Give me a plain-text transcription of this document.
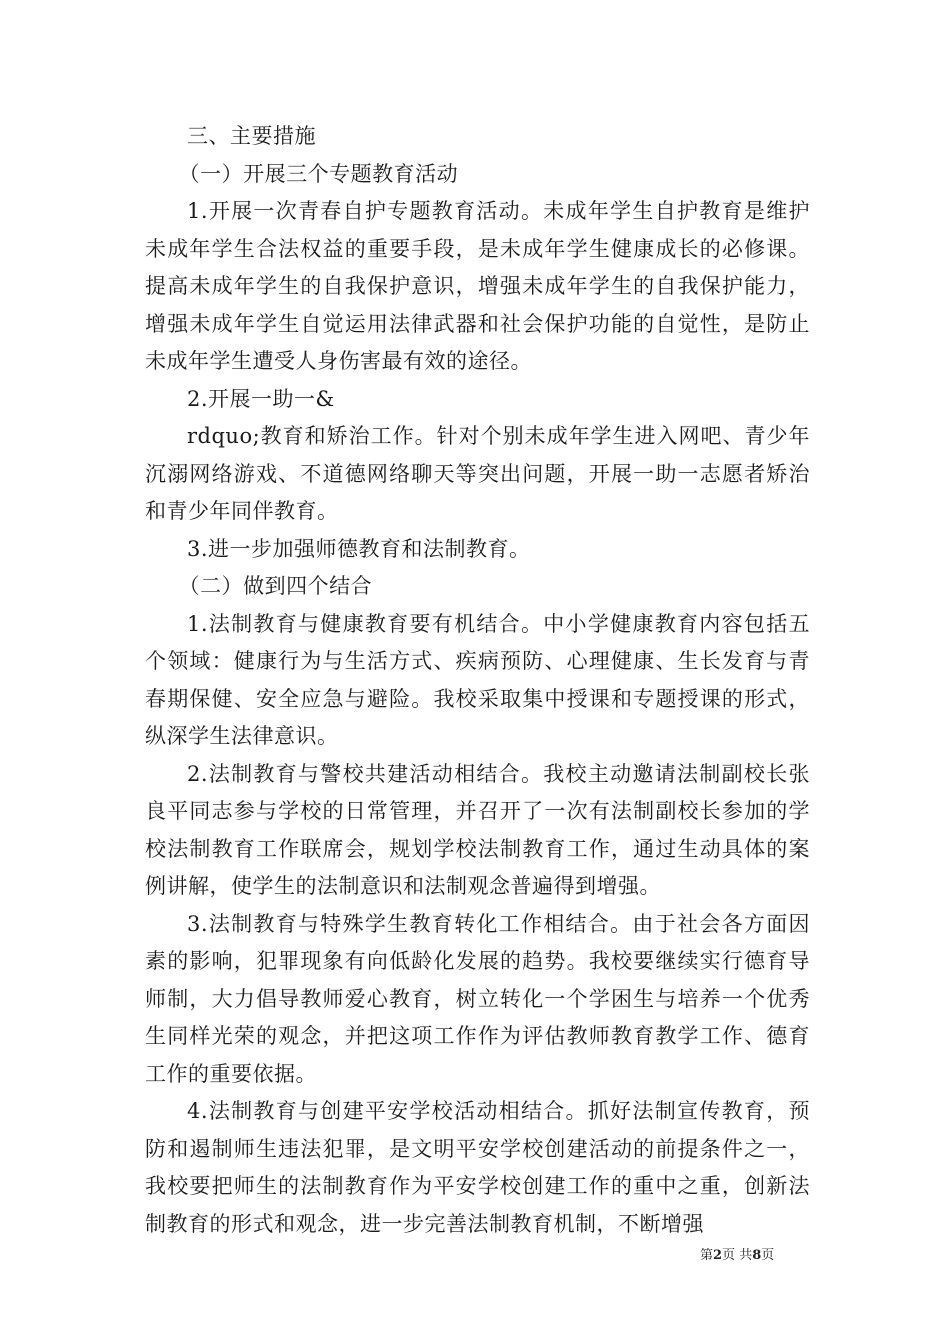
三、主要措施

（一）开展三个专题教育活动

1.开展一次青春自护专题教育活动。未成年学生自护教育是维护未成年学生合法权益的重要手段，是未成年学生健康成长的必修课。提高未成年学生的自我保护意识，增强未成年学生的自我保护能力，增强未成年学生自觉运用法律武器和社会保护功能的自觉性，是防止未成年学生遭受人身伤害最有效的途径。

2.开展一助一&

rdquo;教育和矫治工作。针对个别未成年学生进入网吧、青少年沉溺网络游戏、不道德网络聊天等突出问题，开展一助一志愿者矫治和青少年同伴教育。

3.进一步加强师德教育和法制教育。

（二）做到四个结合

1.法制教育与健康教育要有机结合。中小学健康教育内容包括五个领域：健康行为与生活方式、疾病预防、心理健康、生长发育与青春期保健、安全应急与避险。我校采取集中授课和专题授课的形式，纵深学生法律意识。

2.法制教育与警校共建活动相结合。我校主动邀请法制副校长张良平同志参与学校的日常管理，并召开了一次有法制副校长参加的学校法制教育工作联席会，规划学校法制教育工作，通过生动具体的案例讲解，使学生的法制意识和法制观念普遍得到增强。

3.法制教育与特殊学生教育转化工作相结合。由于社会各方面因素的影响，犯罪现象有向低龄化发展的趋势。我校要继续实行德育导师制，大力倡导教师爱心教育，树立转化一个学困生与培养一个优秀生同样光荣的观念，并把这项工作作为评估教师教育教学工作、德育工作的重要依据。

4.法制教育与创建平安学校活动相结合。抓好法制宣传教育，预防和遏制师生违法犯罪，是文明平安学校创建活动的前提条件之一，我校要把师生的法制教育作为平安学校创建工作的重中之重，创新法制教育的形式和观念，进一步完善法制教育机制，不断增强

第2页 共8页
